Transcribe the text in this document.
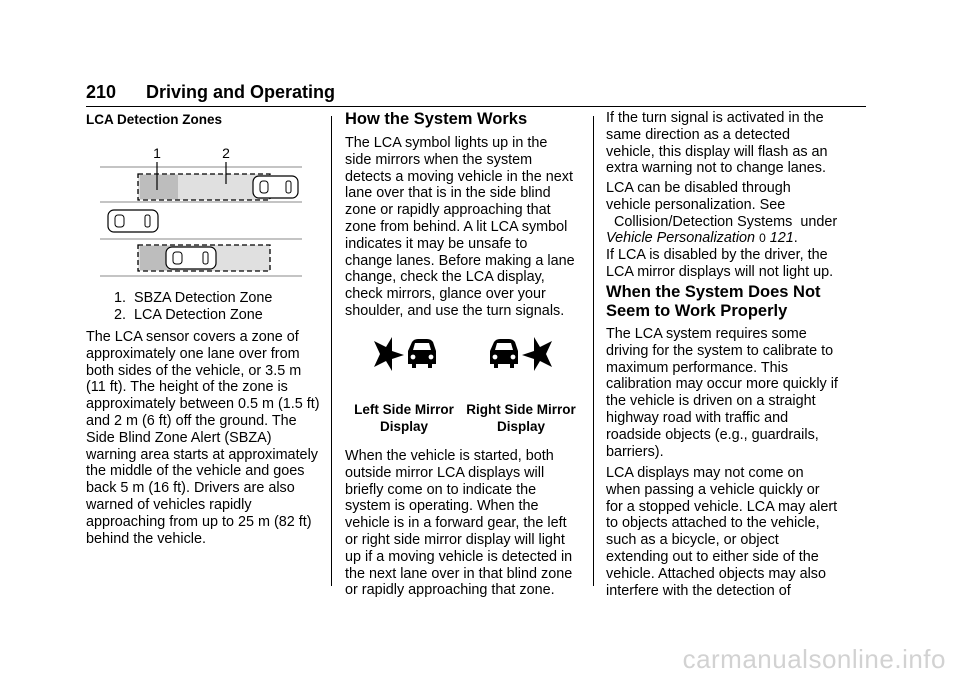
210 Driving and Operating
LCA Detection Zones
1	2
1. SBZA Detection Zone
2. LCA Detection Zone

The LCA sensor covers a zone of

approximately one lane over from

both sides of the vehicle, or 3.5 m

(11 ft). The height of the zone is

approximately between 0.5 m (1.5 ft)

and 2 m (6 ft) off the ground. The

Side Blind Zone Alert (SBZA)

warning area starts at approximately

the middle of the vehicle and goes

back 5 m (16 ft). Drivers are also

warned of vehicles rapidly

approaching from up to 25 m (82 ft)

behind the vehicle.

How the System Works

The LCA symbol lights up in the

side mirrors when the system

detects a moving vehicle in the next

lane over that is in the side blind

zone or rapidly approaching that

zone from behind. A lit LCA symbol

indicates it may be unsafe to

change lanes. Before making a lane

change, check the LCA display,

check mirrors, glance over your

shoulder, and use the turn signals.

Left Side Mirror
Display
Right Side Mirror
Display

When the vehicle is started, both

outside mirror LCA displays will

briefly come on to indicate the

system is operating. When the

vehicle is in a forward gear, the left

or right side mirror display will light

up if a moving vehicle is detected in

the next lane over in that blind zone

or rapidly approaching that zone.

If the turn signal is activated in the

same direction as a detected

vehicle, this display will flash as an

extra warning not to change lanes.

LCA can be disabled through

vehicle personalization. See

Collision/Detection Systems  under

Vehicle Personalization 0 121.

If LCA is disabled by the driver, the

LCA mirror displays will not light up.

When the System Does Not

Seem to Work Properly

The LCA system requires some

driving for the system to calibrate to

maximum performance. This

calibration may occur more quickly if

the vehicle is driven on a straight

highway road with traffic and

roadside objects (e.g., guardrails,

barriers).

LCA displays may not come on

when passing a vehicle quickly or

for a stopped vehicle. LCA may alert

to objects attached to the vehicle,

such as a bicycle, or object

extending out to either side of the

vehicle. Attached objects may also

interfere with the detection of

carmanualsonline.info
